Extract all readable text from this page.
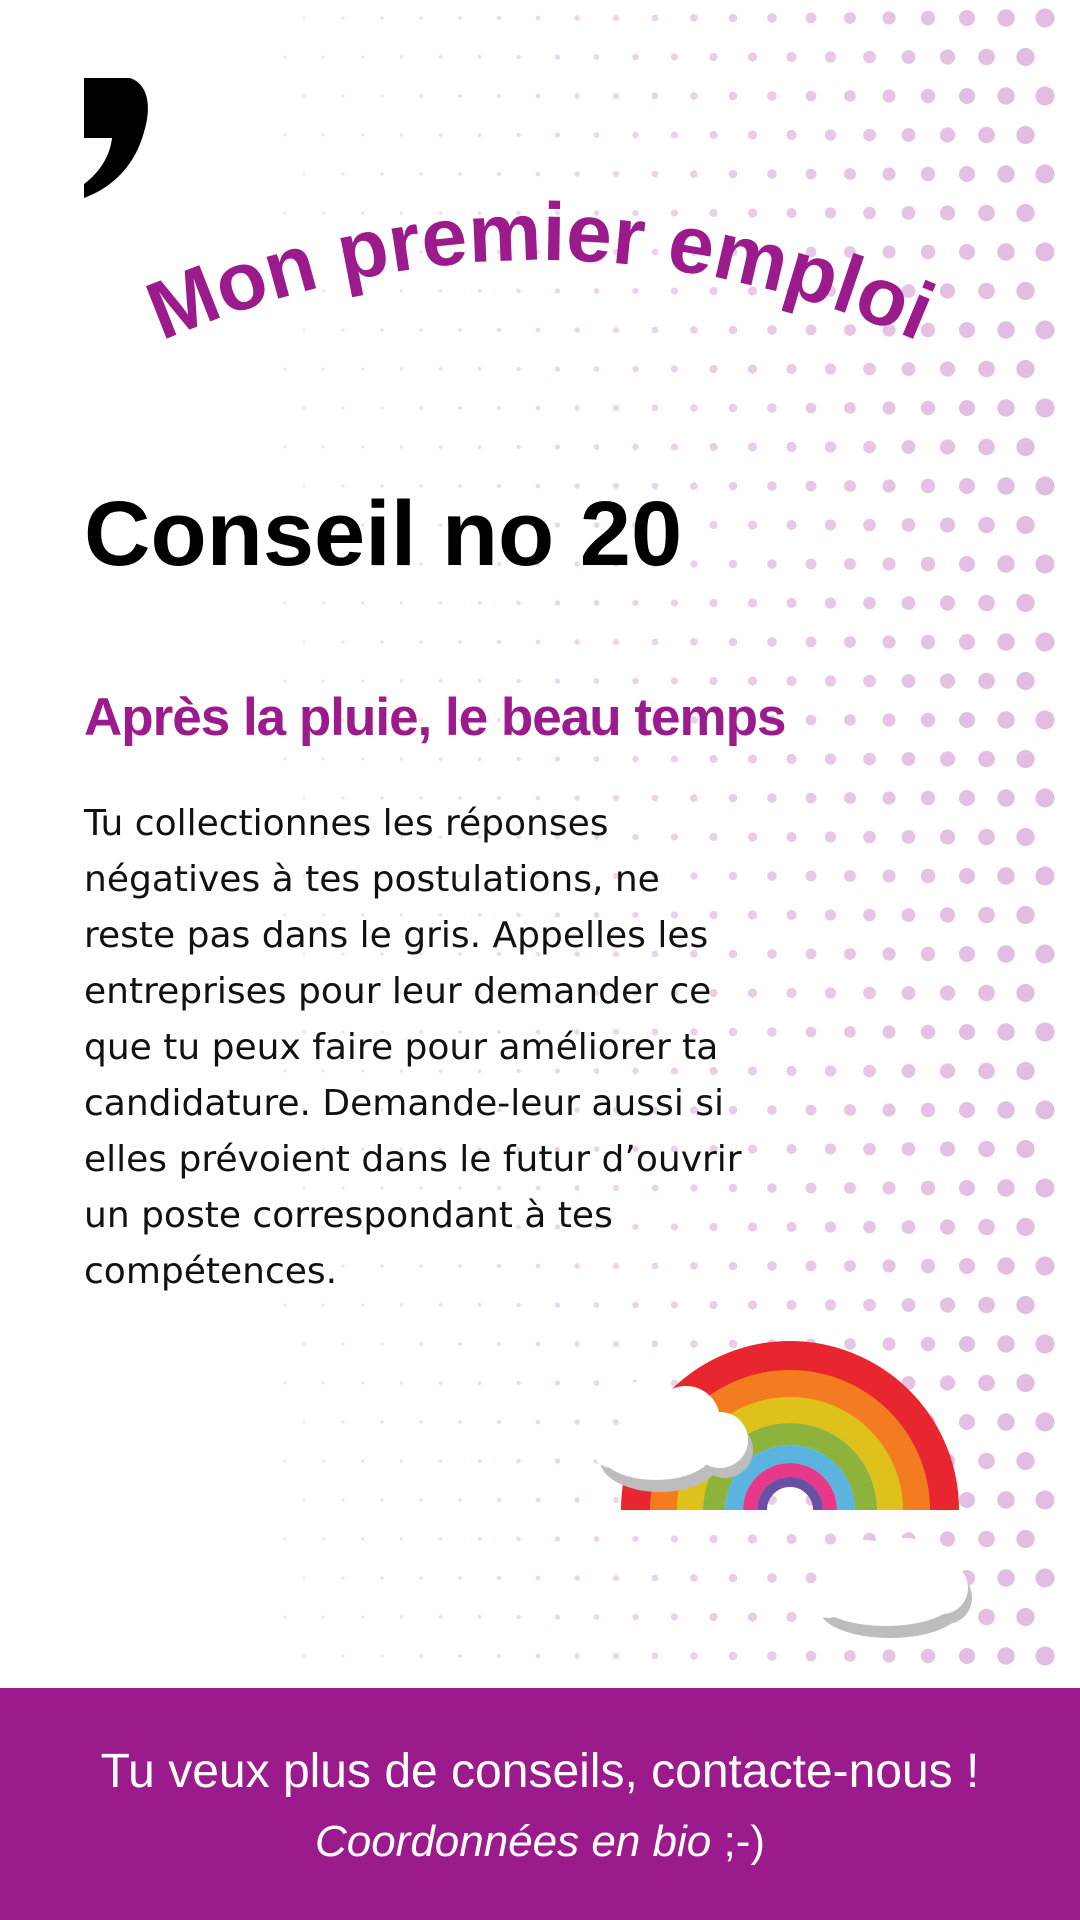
Mon premier emploi
Conseil no 20
Après la pluie, le beau temps

Tu collectionnes les réponses négatives à tes postulations, ne reste pas dans le gris. Appelles les entreprises pour leur demander ce que tu peux faire pour améliorer ta candidature. Demande-leur aussi si elles prévoient dans le futur d’ouvrir un poste correspondant à tes compétences.

Tu veux plus de conseils, contacte-nous !
Coordonnées en bio ;-)
